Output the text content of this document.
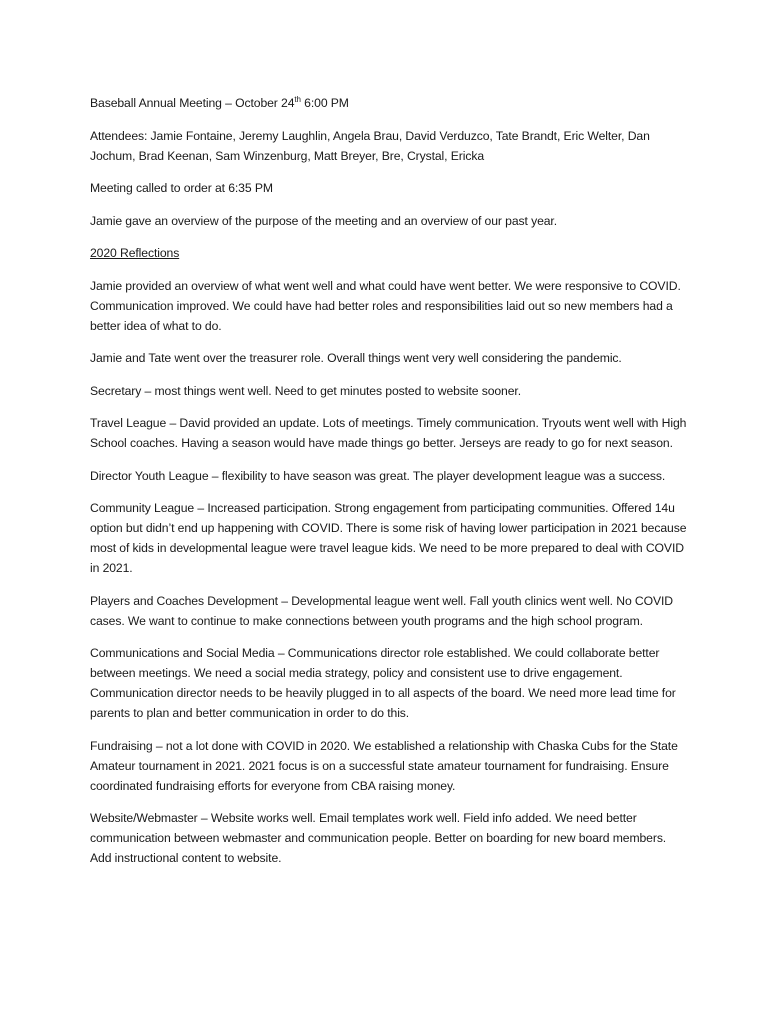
Baseball Annual Meeting – October 24th 6:00 PM

Attendees: Jamie Fontaine, Jeremy Laughlin, Angela Brau, David Verduzco, Tate Brandt, Eric Welter, Dan Jochum, Brad Keenan, Sam Winzenburg, Matt Breyer, Bre, Crystal, Ericka

Meeting called to order at 6:35 PM

Jamie gave an overview of the purpose of the meeting and an overview of our past year.

2020 Reflections

Jamie provided an overview of what went well and what could have went better. We were responsive to COVID. Communication improved. We could have had better roles and responsibilities laid out so new members had a better idea of what to do.

Jamie and Tate went over the treasurer role. Overall things went very well considering the pandemic.

Secretary – most things went well. Need to get minutes posted to website sooner.

Travel League – David provided an update. Lots of meetings. Timely communication. Tryouts went well with High School coaches. Having a season would have made things go better. Jerseys are ready to go for next season.

Director Youth League – flexibility to have season was great. The player development league was a success.

Community League – Increased participation. Strong engagement from participating communities. Offered 14u option but didn’t end up happening with COVID. There is some risk of having lower participation in 2021 because most of kids in developmental league were travel league kids. We need to be more prepared to deal with COVID in 2021.

Players and Coaches Development – Developmental league went well. Fall youth clinics went well. No COVID cases. We want to continue to make connections between youth programs and the high school program.

Communications and Social Media – Communications director role established. We could collaborate better between meetings. We need a social media strategy, policy and consistent use to drive engagement. Communication director needs to be heavily plugged in to all aspects of the board. We need more lead time for parents to plan and better communication in order to do this.

Fundraising – not a lot done with COVID in 2020. We established a relationship with Chaska Cubs for the State Amateur tournament in 2021. 2021 focus is on a successful state amateur tournament for fundraising. Ensure coordinated fundraising efforts for everyone from CBA raising money.

Website/Webmaster – Website works well. Email templates work well. Field info added. We need better communication between webmaster and communication people. Better on boarding for new board members. Add instructional content to website.
